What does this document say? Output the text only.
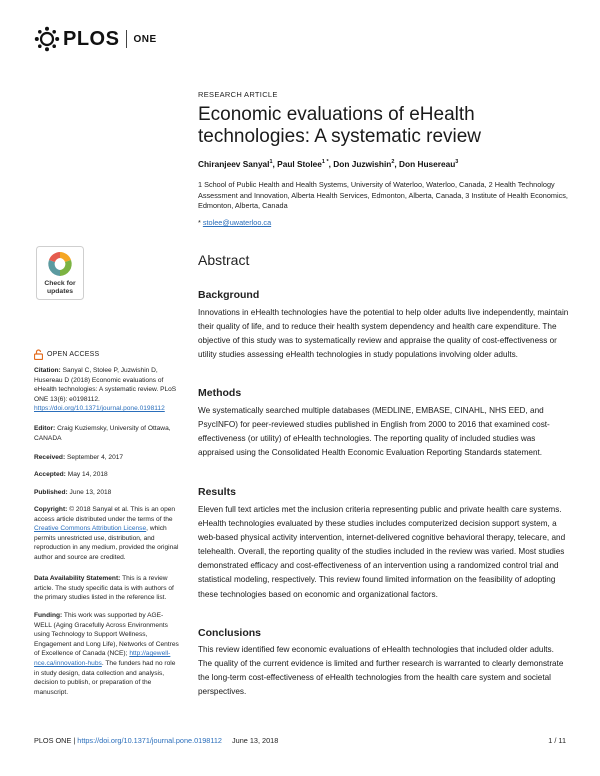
PLOS ONE
RESEARCH ARTICLE
Economic evaluations of eHealth technologies: A systematic review
Chiranjeev Sanyal$^1$, Paul Stolee$^{1 *}$, Don Juzwishin$^2$, Don Husereau$^3$
1 School of Public Health and Health Systems, University of Waterloo, Waterloo, Canada, 2 Health Technology Assessment and Innovation, Alberta Health Services, Edmonton, Alberta, Canada, 3 Institute of Health Economics, Edmonton, Alberta, Canada
* stolee@uwaterloo.ca
Abstract
Background
Innovations in eHealth technologies have the potential to help older adults live independently, maintain their quality of life, and to reduce their health system dependency and health care expenditure. The objective of this study was to systematically review and appraise the quality of cost-effectiveness or utility studies assessing eHealth technologies in study populations involving older adults.
Methods
We systematically searched multiple databases (MEDLINE, EMBASE, CINAHL, NHS EED, and PsycINFO) for peer-reviewed studies published in English from 2000 to 2016 that examined cost-effectiveness (or utility) of eHealth technologies. The reporting quality of included studies was appraised using the Consolidated Health Economic Evaluation Reporting Standards statement.
Results
Eleven full text articles met the inclusion criteria representing public and private health care systems. eHealth technologies evaluated by these studies includes computerized decision support system, a web-based physical activity intervention, internet-delivered cognitive behavioral therapy, telecare, and telehealth. Overall, the reporting quality of the studies included in the review was varied. Most studies demonstrated efficacy and cost-effectiveness of an intervention using a randomized control trial and statistical modeling, respectively. This review found limited information on the feasibility of adopting these technologies based on economic and organizational factors.
Conclusions
This review identified few economic evaluations of eHealth technologies that included older adults. The quality of the current evidence is limited and further research is warranted to clearly demonstrate the long-term cost-effectiveness of eHealth technologies from the health care system and societal perspectives.
Check for
updates
OPEN ACCESS
Citation: Sanyal C, Stolee P, Juzwishin D, Husereau D (2018) Economic evaluations of eHealth technologies: A systematic review. PLoS ONE 13(6): e0198112. https://doi.org/10.1371/journal.pone.0198112
Editor: Craig Kuziemsky, University of Ottawa, CANADA
Received: September 4, 2017
Accepted: May 14, 2018
Published: June 13, 2018
Copyright: © 2018 Sanyal et al. This is an open access article distributed under the terms of the Creative Commons Attribution License, which permits unrestricted use, distribution, and reproduction in any medium, provided the original author and source are credited.
Data Availability Statement: This is a review article. The study specific data is with authors of the primary studies listed in the reference list.
Funding: This work was supported by AGE-WELL (Aging Gracefully Across Environments using Technology to Support Wellness, Engagement and Long Life), Networks of Centres of Excellence of Canada (NCE); http://agewell-nce.ca/innovation-hubs. The funders had no role in study design, data collection and analysis, decision to publish, or preparation of the manuscript.
PLOS ONE | https://doi.org/10.1371/journal.pone.0198112 June 13, 2018	1 / 11
